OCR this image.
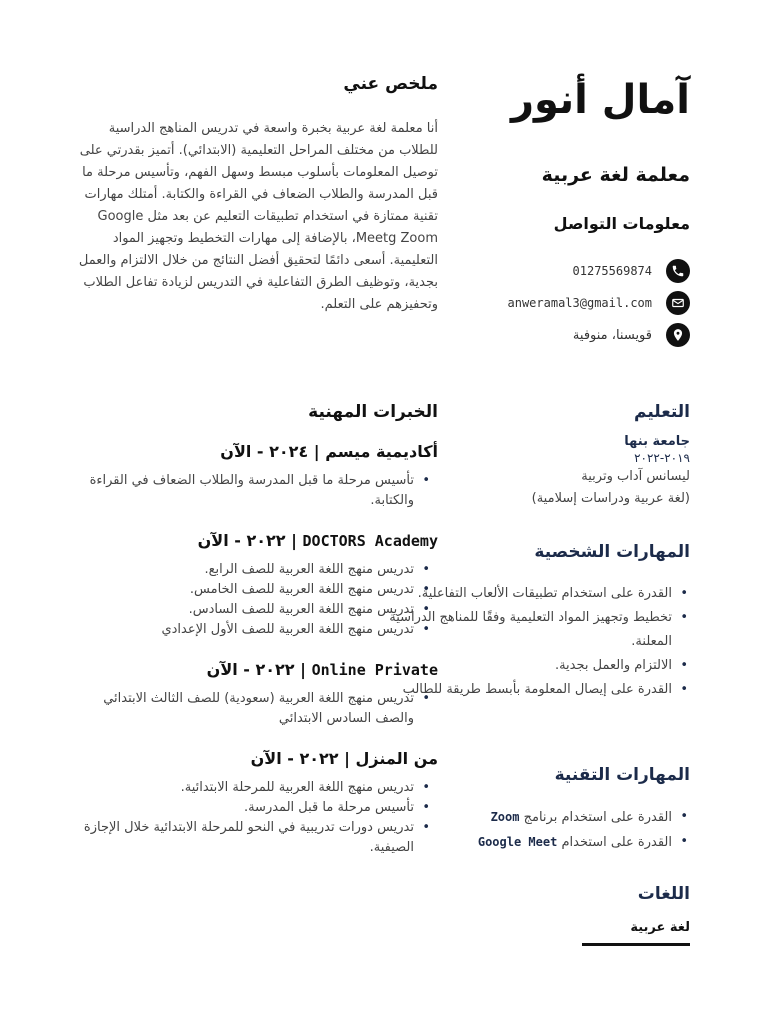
آمال أنور
معلمة لغة عربية
معلومات التواصل
01275569874
anweramal3@gmail.com
قويسنا، منوفية
التعليم
جامعة بنها
٢٠١٩-٢٠٢٢
ليسانس آداب وتربية
(لغة عربية ودراسات إسلامية)
المهارات الشخصية
• القدرة على استخدام تطبيقات الألعاب التفاعلية.
• تخطيط وتجهيز المواد التعليمية وفقًا للمناهج الدراسية المعلنة.
• الالتزام والعمل بجدية.
• القدرة على إيصال المعلومة بأبسط طريقة للطالب
المهارات التقنية
• القدرة على استخدام برنامج Zoom
• القدرة على استخدام Google Meet
اللغات
لغة عربية
ملخص عني
أنا معلمة لغة عربية بخبرة واسعة في تدريس المناهج الدراسية للطلاب من مختلف المراحل التعليمية (الابتدائي). أتميز بقدرتي على توصيل المعلومات بأسلوب مبسط وسهل الفهم، وتأسيس مرحلة ما قبل المدرسة والطلاب الضعاف في القراءة والكتابة. أمتلك مهارات تقنية ممتازة في استخدام تطبيقات التعليم عن بعد مثل Google Meetg Zoom، بالإضافة إلى مهارات التخطيط وتجهيز المواد التعليمية. أسعى دائمًا لتحقيق أفضل النتائج من خلال الالتزام والعمل بجدية، وتوظيف الطرق التفاعلية في التدريس لزيادة تفاعل الطلاب وتحفيزهم على التعلم.
الخبرات المهنية
أكاديمية ميسم | ٢٠٢٤ - الآن
• تأسيس مرحلة ما قبل المدرسة والطلاب الضعاف في القراءة والكتابة.
DOCTORS Academy | ٢٠٢٢ - الآن
• تدريس منهج اللغة العربية للصف الرابع.
• تدريس منهج اللغة العربية للصف الخامس.
• تدريس منهج اللغة العربية للصف السادس.
• تدريس منهج اللغة العربية للصف الأول الإعدادي
Online Private | ٢٠٢٢ - الآن
• تدريس منهج اللغة العربية (سعودية) للصف الثالث الابتدائي والصف السادس الابتدائي
من المنزل | ٢٠٢٢ - الآن
• تدريس منهج اللغة العربية للمرحلة الابتدائية.
• تأسيس مرحلة ما قبل المدرسة.
• تدريس دورات تدريبية في النحو للمرحلة الابتدائية خلال الإجازة الصيفية.
